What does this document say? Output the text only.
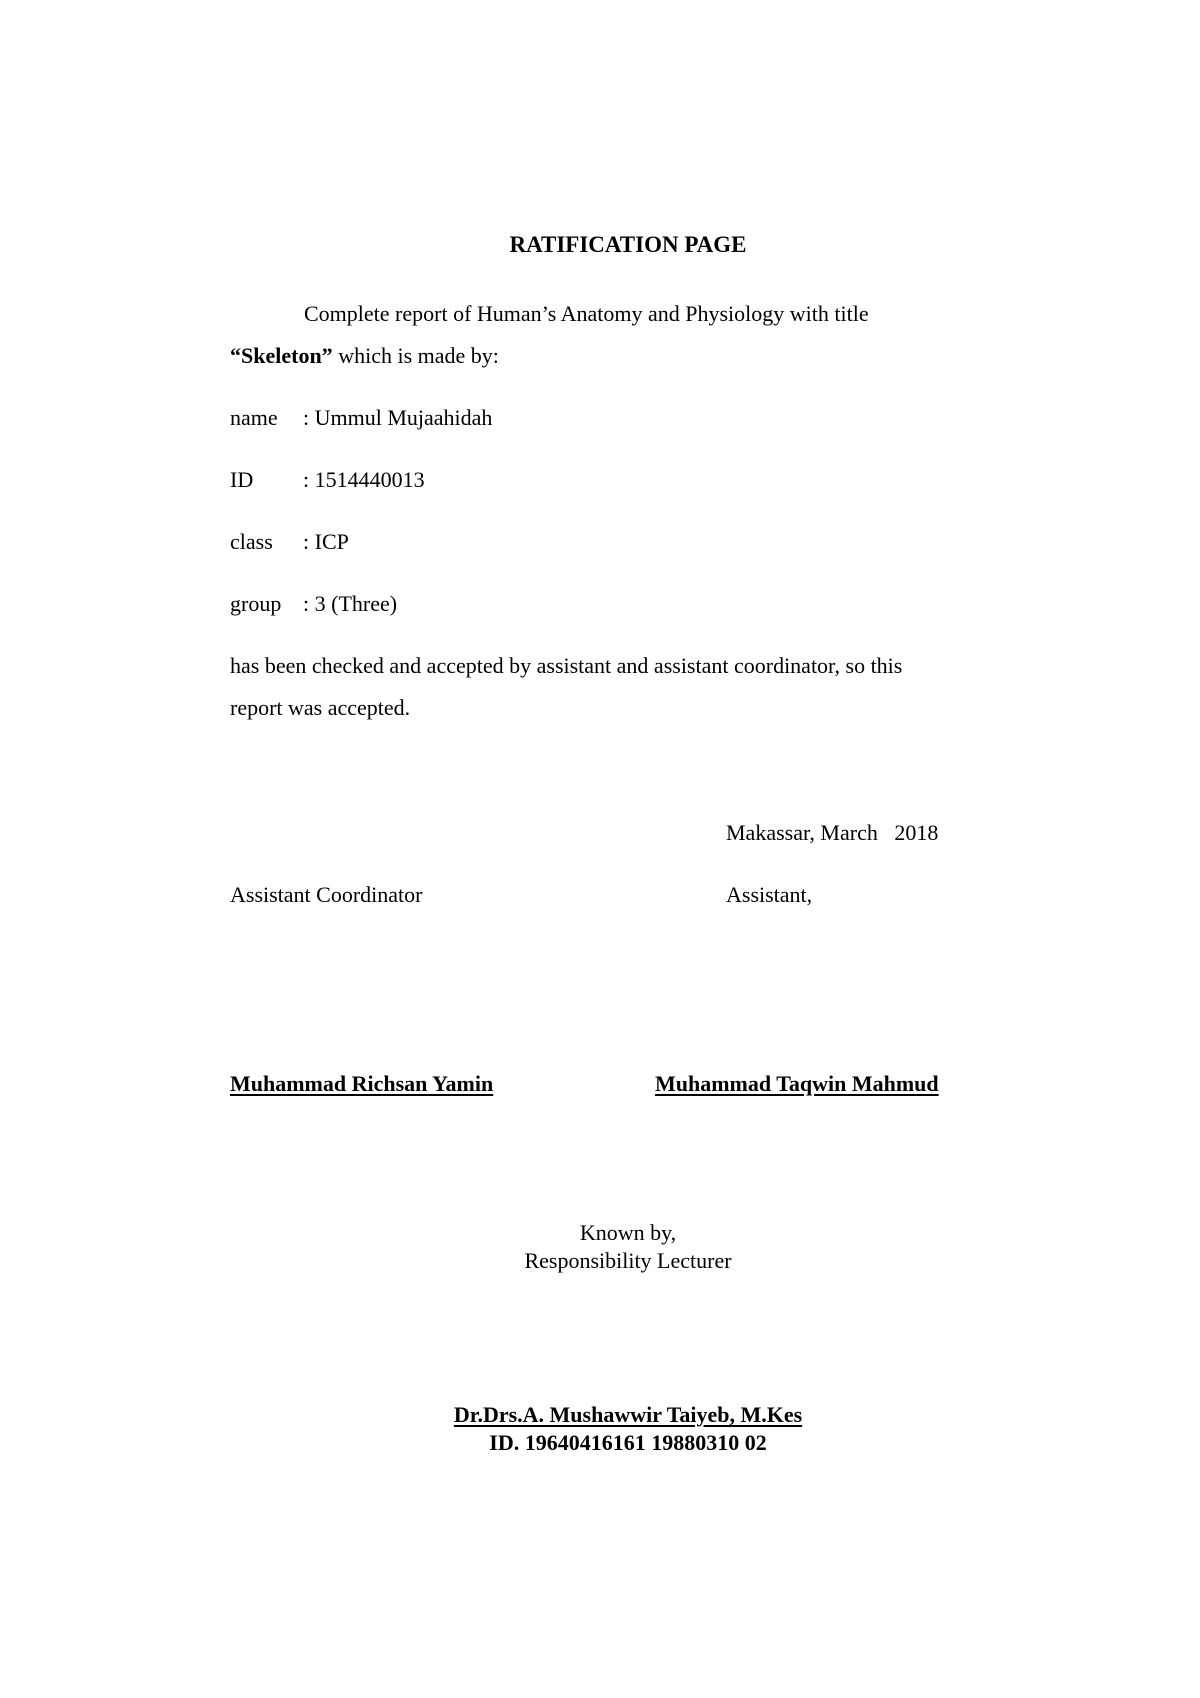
RATIFICATION PAGE
Complete report of Human’s Anatomy and Physiology with title
“Skeleton” which is made by:
name : Ummul Mujaahidah
ID : 1514440013
class : ICP
group : 3 (Three)
has been checked and accepted by assistant and assistant coordinator, so this
report was accepted.
Makassar, March   2018
Assistant Coordinator	Assistant,
Muhammad Richsan Yamin	Muhammad Taqwin Mahmud
Known by,
Responsibility Lecturer
Dr.Drs.A. Mushawwir Taiyeb, M.Kes
ID. 19640416161 19880310 02
